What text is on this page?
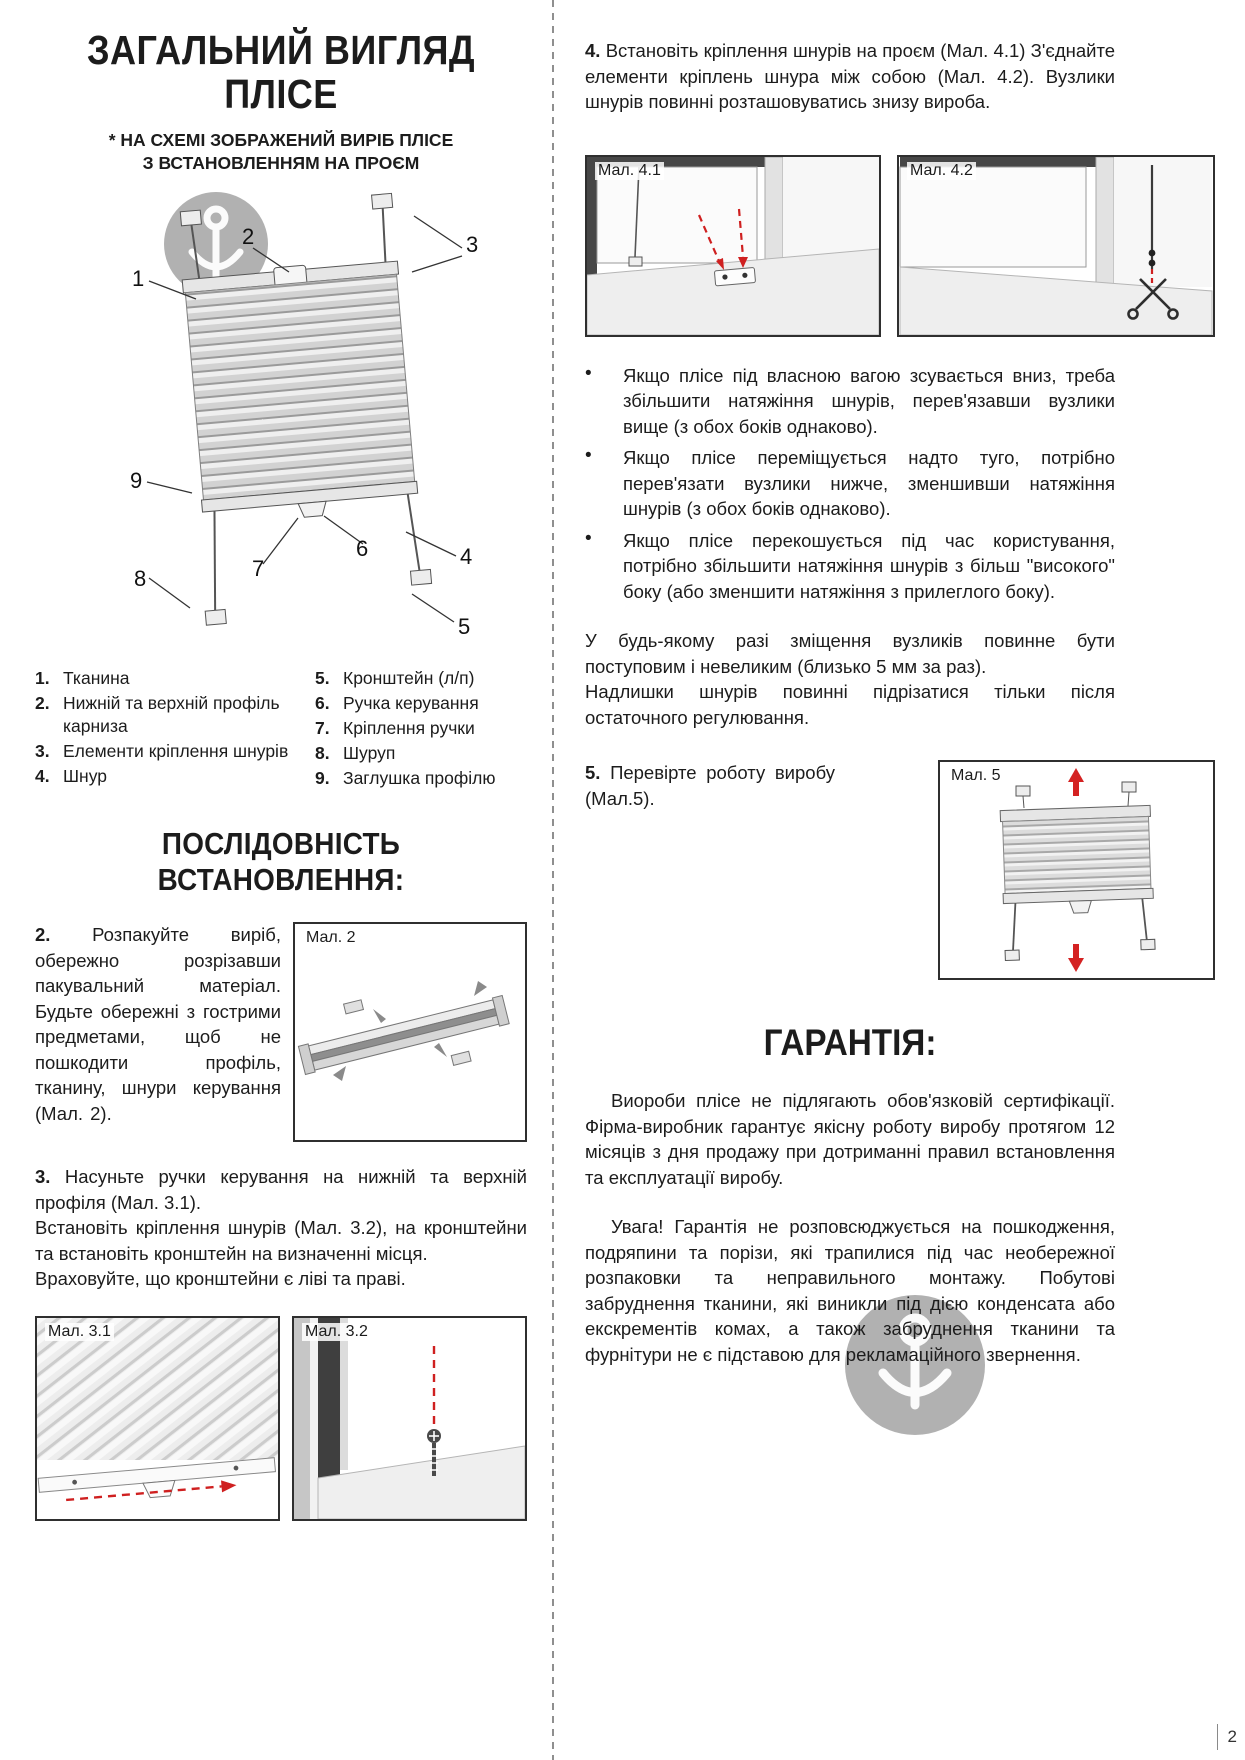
ЗАГАЛЬНИЙ ВИГЛЯД
ПЛІСЕ
* НА СХЕМІ ЗОБРАЖЕНИЙ ВИРІБ ПЛІСЕ
З ВСТАНОВЛЕННЯМ НА ПРОЄМ
1
2	3
4
5
6
7
8
9
1. Тканина
2. Нижній та верхній профіль карниза
3. Елементи кріплення шнурів
4. Шнур
5. Кронштейн (л/п)
6. Ручка керування
7. Кріплення ручки
8. Шуруп
9. Заглушка профілю
ПОСЛІДОВНІСТЬ ВСТАНОВЛЕННЯ:
2. Розпакуйте виріб, обережно розрізавши пакувальний матеріал. Будьте обережні з гострими предметами, щоб не пошкодити профіль, тканину, шнури керування (Мал. 2).
Мал. 2

3. Насуньте ручки керування на нижній та верхній профіля (Мал. 3.1).

Встановіть кріплення шнурів (Мал. 3.2), на кронштейни та встановіть кронштейн на визначенні місця.

Враховуйте, що кронштейни є ліві та праві.

Мал. 3.1	Мал. 3.2
4. Встановіть кріплення шнурів на проєм (Мал. 4.1) З'єднайте елементи кріплень шнура між собою (Мал. 4.2). Вузлики шнурів повинні розташовуватись знизу вироба.
Мал. 4.1	Мал. 4.2
• Якщо плісе під власною вагою зсувається вниз, треба збільшити натяжіння шнурів, перев'язавши вузлики вище (з обох боків однаково).
• Якщо плісе переміщується надто туго, потрібно перев'язати вузлики нижче, зменшивши натяжіння шнурів (з обох боків однаково).
• Якщо плісе перекошується під час користування, потрібно збільшити натяжіння шнурів з більш "високого" боку (або зменшити натяжіння з прилеглого боку).

У будь-якому разі зміщення вузликів повинне бути поступовим і невеликим (близько 5 мм за раз).

Надлишки шнурів повинні підрізатися тільки після остаточного регулювання.

5. Перевірте роботу виробу (Мал.5).
Мал. 5
ГАРАНТІЯ:

Виороби плісе не підлягають обов'язковій сертифікації. Фірма-виробник гарантує якісну роботу виробу протягом 12 місяців з дня продажу при дотриманні правил встановлення та експлуатації виробу.

Увага! Гарантія не розповсюджується на пошкодження, подряпини та порізи, які трапилися під час необережної розпаковки та неправильного монтажу. Побутові забруднення тканини, які виникли під дією конденсата або екскрементів комах, а також забруднення тканини та фурнітури не є підставою для рекламаційного звернення.

2
